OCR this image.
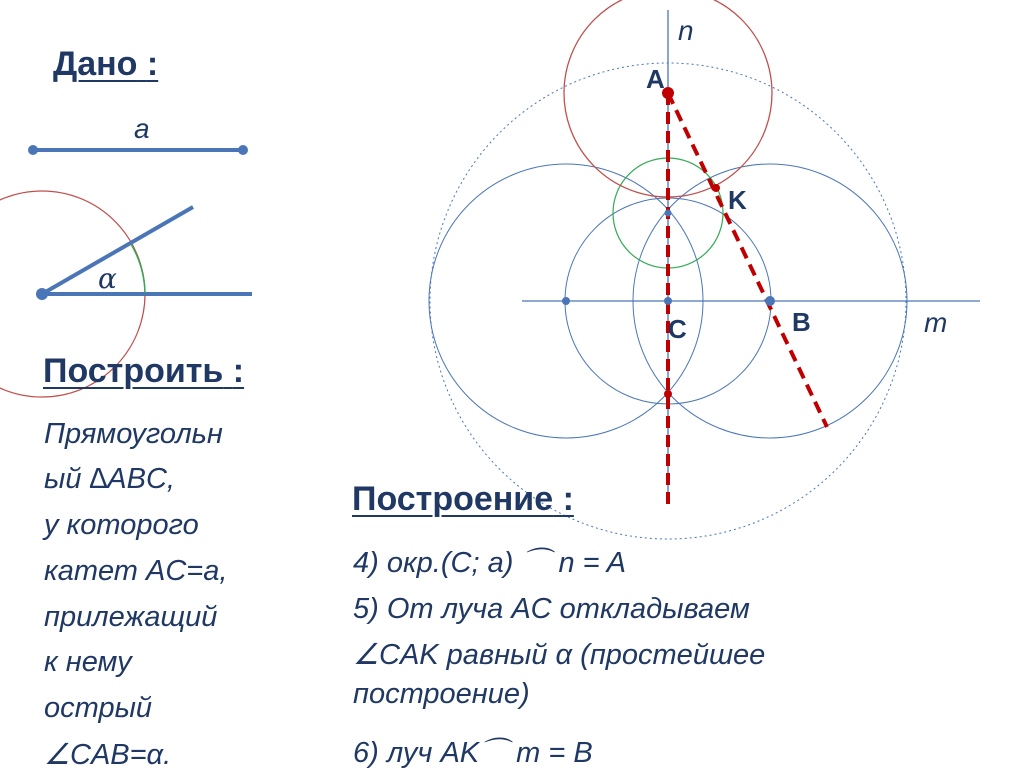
Дано :
a
α
n
A
K
C	B	m
Построить :
Прямоугольн
ый ∆ABC,
у которого
катет AC=a,
прилежащий
к нему
острый
∠CAB=α.
Построение :
4) окр.(C; a) ⌒ n = A
5) От луча AC откладываем
∠CAK равный α (простейшее
построение)
6) луч AK⌒ m = B
